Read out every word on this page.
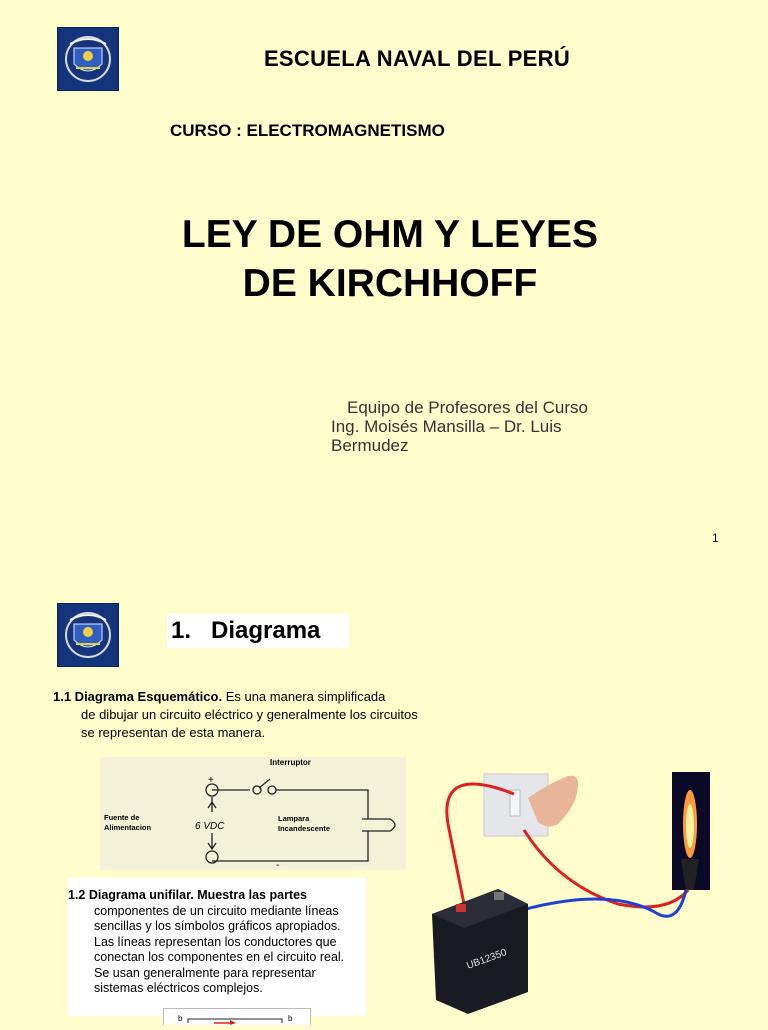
ESCUELA NAVAL DEL PERÚ
CURSO : ELECTROMAGNETISMO
LEY DE OHM Y LEYES
DE KIRCHHOFF
Equipo de Profesores del Curso
Ing. Moisés Mansilla – Dr. Luis
Bermudez
1
1. Diagrama
1.1 Diagrama Esquemático. Es una manera simplificada
de dibujar un circuito eléctrico y generalmente los circuitos
se representan de esta manera.
Interruptor
+
-
Fuente de
Alimentacion	6 VDC
Lampara
Incandescente
1.2 Diagrama unifilar. Muestra las partes
componentes de un circuito mediante líneas
sencillas y los símbolos gráficos apropiados.
Las líneas representan los conductores que
conectan los componentes en el circuito real.
Se usan generalmente para representar
sistemas eléctricos complejos.
b	b
UB12350
